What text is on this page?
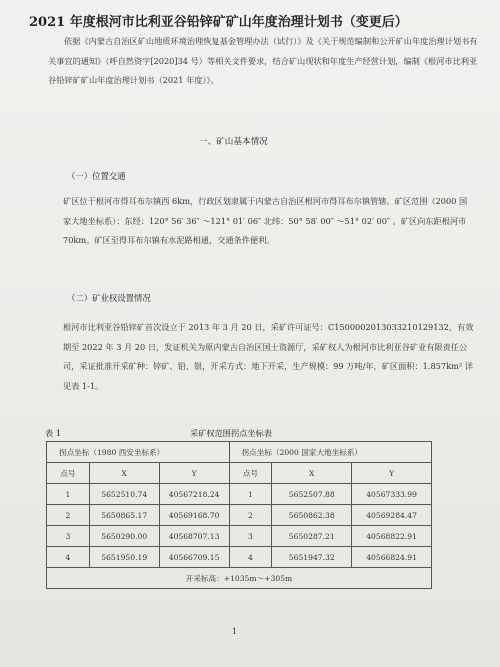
2021 年度根河市比利亚谷铅锌矿矿山年度治理计划书（变更后）
依据《内蒙古自治区矿山地质环境治理恢复基金管理办法（试行）》及《关于规范编制和公开矿山年度治理计划书有关事宜的通知》（呼自然资字[2020]34 号）等相关文件要求，结合矿山现状和年度生产经营计划，编制《根河市比利亚谷铅锌矿矿山年度治理计划书（2021 年度）》。
一、矿山基本情况
（一）位置交通
矿区位于根河市得耳布尔镇西 6km，行政区划隶属于内蒙古自治区根河市得耳布尔镇管辖。矿区范围（2000 国家大地坐标系）：东经：120° 56′ 36″ ～121° 01′ 06″ 北纬：50° 58′ 00″ ～51° 02′ 00″ 。矿区向东距根河市 70km。矿区至得耳布尔镇有水泥路相通，交通条件便利。
（二）矿业权设置情况
根河市比利亚谷铅锌矿首次设立于 2013 年 3 月 20 日，采矿许可证号：C1500002013033210129132，有效期至 2022 年 3 月 20 日，发证机关为原内蒙古自治区国土资源厅，采矿权人为根河市比利亚谷矿业有限责任公司，采证批准开采矿种：锌矿、铅、银，开采方式：地下开采，生产规模：99 万吨/年，矿区面积：1.857km² 详见表 1-1。
表 1	采矿权范围拐点坐标表
拐点坐标（1980 西安坐标系）			拐点坐标（2000 国家大地坐标系）		
点号	X	Y	点号	X	Y
1	5652510.74	40567218.24	1	5652507.88	40567333.99
2	5650865.17	40569168.70	2	5650862.38	40569284.47
3	5650290.00	40568707.13	3	5650287.21	40568822.91
4	5651950.19	40566709.15	4	5651947.32	40566824.91
开采标高：+1035m～+305m					
1
